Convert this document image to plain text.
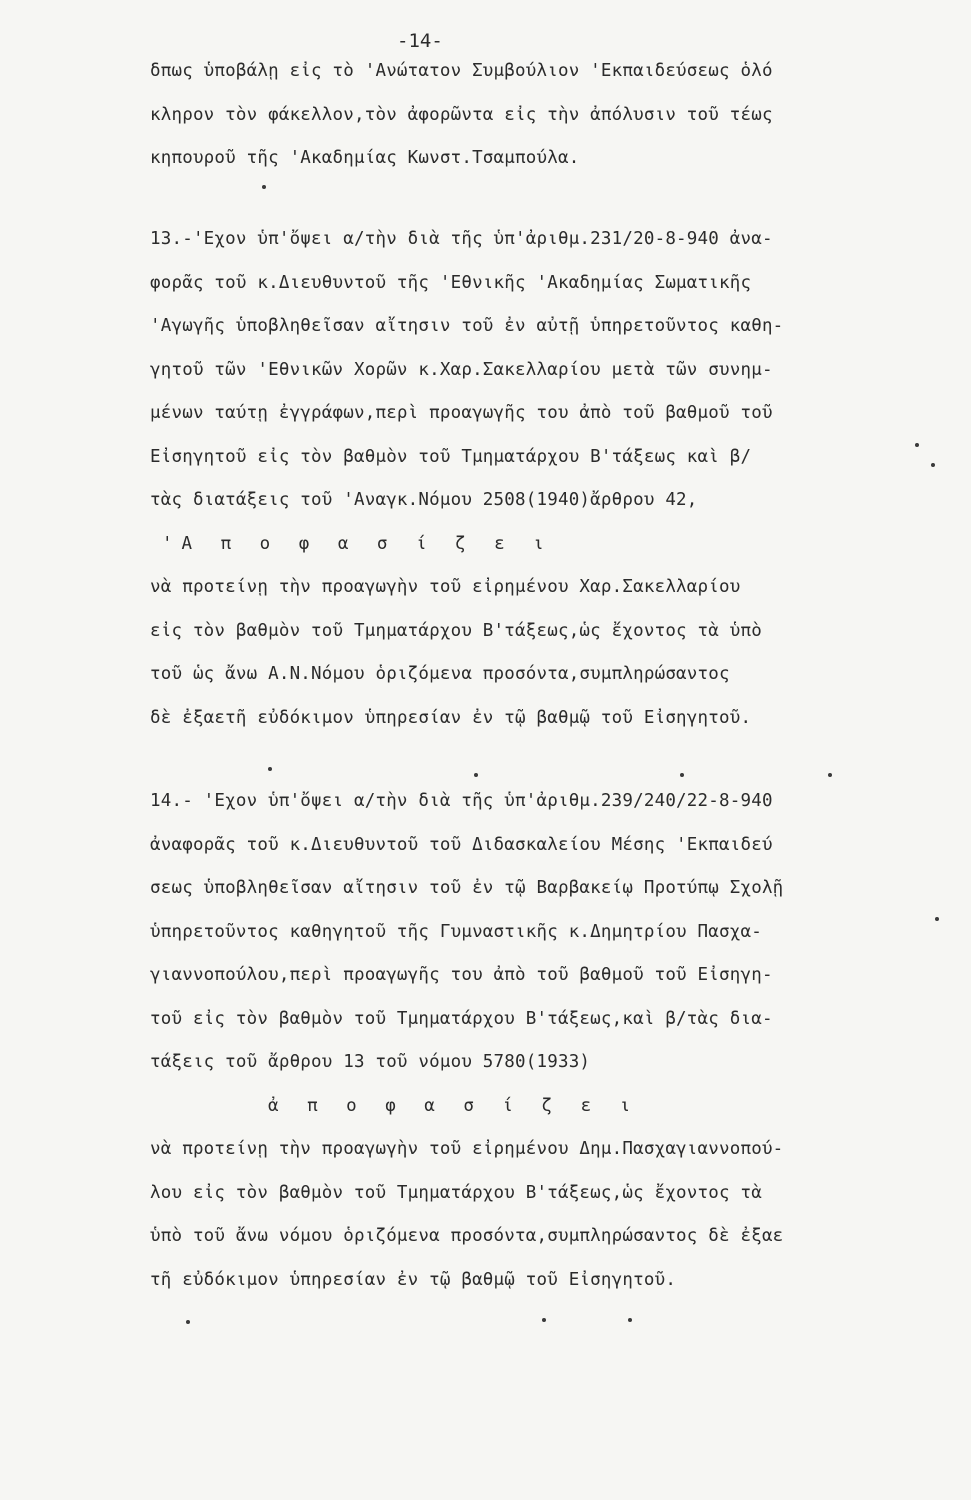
-14-
δπως ὑποβάλῃ εἰς τὸ 'Ανώτατον Συμβούλιον 'Εκπαιδεύσεως ὁλό
κληρον τὸν φάκελλον,τὸν ἀφορῶντα εἰς τὴν ἀπόλυσιν τοῦ τέως
κηπουροῦ τῆς 'Ακαδημίας Κωνστ.Τσαμπούλα.
13.-'Εχον ὑπ'ὄψει α/τὴν διὰ τῆς ὑπ'ἀριθμ.231/20-8-940 ἀνα-
φορᾶς τοῦ κ.Διευθυντοῦ τῆς 'Εθνικῆς 'Ακαδημίας Σωματικῆς
'Αγωγῆς ὑποβληθεῖσαν αἴτησιν τοῦ ἐν αὐτῇ ὑπηρετοῦντος καθη-
γητοῦ τῶν 'Εθνικῶν Χορῶν κ.Χαρ.Σακελλαρίου μετὰ τῶν συνημ-
μένων ταύτῃ ἐγγράφων,περὶ προαγωγῆς του ἀπὸ τοῦ βαθμοῦ τοῦ
Εἰσηγητοῦ εἰς τὸν βαθμὸν τοῦ Τμηματάρχου Β'τάξεως καὶ β/
τὰς διατάξεις τοῦ 'Αναγκ.Νόμου 2508(1940)ἄρθρου 42,
'Α π ο φ α σ ί ζ ε ι
νὰ προτείνῃ τὴν προαγωγὴν τοῦ εἰρημένου Χαρ.Σακελλαρίου
εἰς τὸν βαθμὸν τοῦ Τμηματάρχου Β'τάξεως,ὡς ἔχοντος τὰ ὑπὸ
τοῦ ὡς ἄνω Α.Ν.Νόμου ὁριζόμενα προσόντα,συμπληρώσαντος
δὲ ἐξαετῆ εὐδόκιμον ὑπηρεσίαν ἐν τῷ βαθμῷ τοῦ Εἰσηγητοῦ.
14.- 'Εχον ὑπ'ὄψει α/τὴν διὰ τῆς ὑπ'ἀριθμ.239/240/22-8-940
ἀναφορᾶς τοῦ κ.Διευθυντοῦ τοῦ Διδασκαλείου Μέσης 'Εκπαιδεύ
σεως ὑποβληθεῖσαν αἴτησιν τοῦ ἐν τῷ Βαρβακείῳ Προτύπῳ Σχολῇ
ὑπηρετοῦντος καθηγητοῦ τῆς Γυμναστικῆς κ.Δημητρίου Πασχα-
γιαννοπούλου,περὶ προαγωγῆς του ἀπὸ τοῦ βαθμοῦ τοῦ Εἰσηγη-
τοῦ εἰς τὸν βαθμὸν τοῦ Τμηματάρχου Β'τάξεως,καὶ β/τὰς δια-
τάξεις τοῦ ἄρθρου 13 τοῦ νόμου 5780(1933)
ἀ π ο φ α σ ί ζ ε ι
νὰ προτείνῃ τὴν προαγωγὴν τοῦ εἰρημένου Δημ.Πασχαγιαννοπού-
λου εἰς τὸν βαθμὸν τοῦ Τμηματάρχου Β'τάξεως,ὡς ἔχοντος τὰ
ὑπὸ τοῦ ἄνω νόμου ὁριζόμενα προσόντα,συμπληρώσαντος δὲ ἐξαε
τῆ εὐδόκιμον ὑπηρεσίαν ἐν τῷ βαθμῷ τοῦ Εἰσηγητοῦ.
